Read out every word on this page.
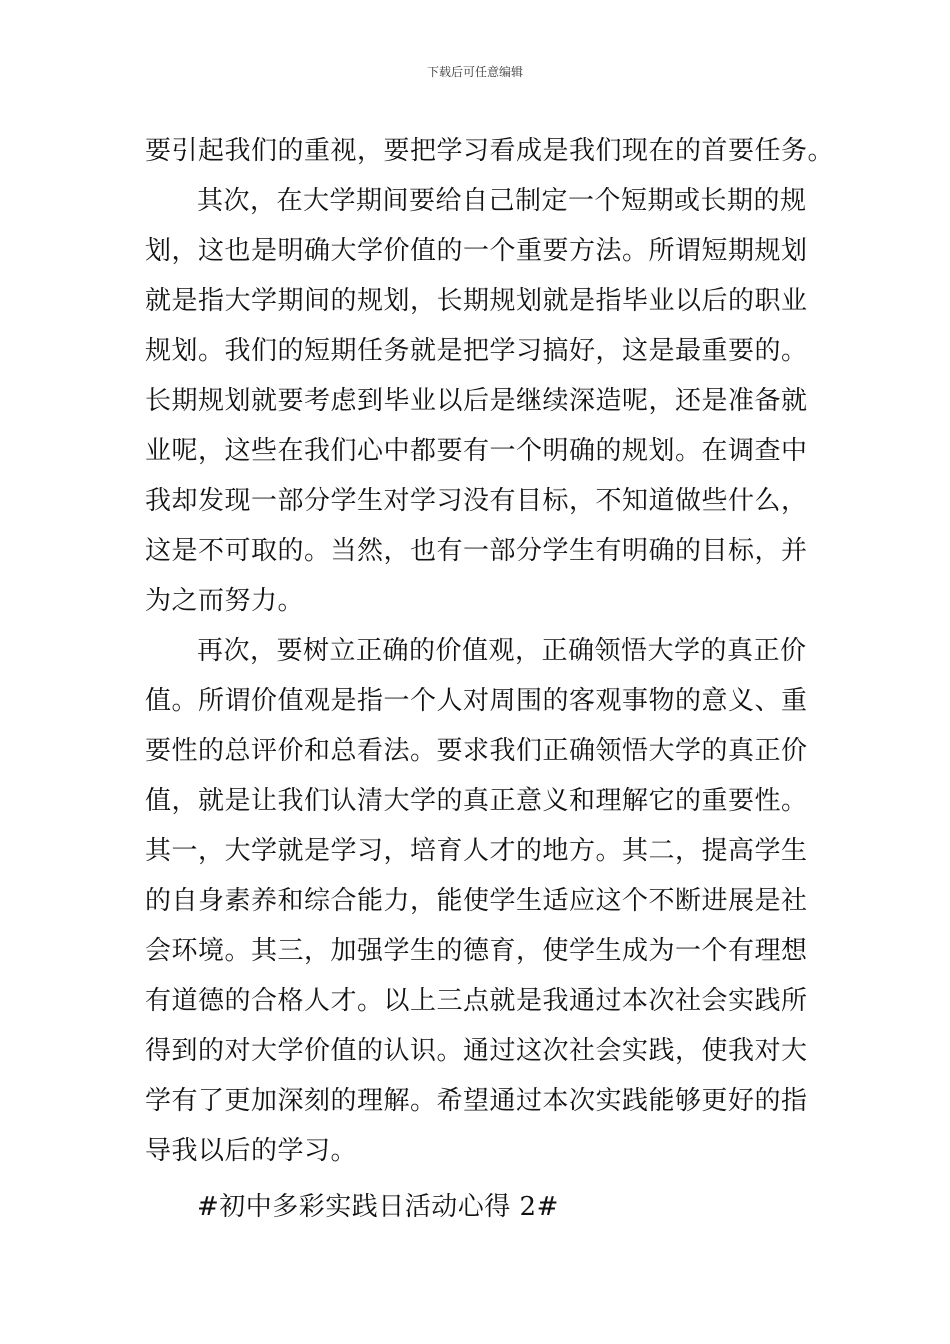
下载后可任意编辑
要引起我们的重视，要把学习看成是我们现在的首要任务。
其次，在大学期间要给自己制定一个短期或长期的规
划，这也是明确大学价值的一个重要方法。所谓短期规划
就是指大学期间的规划，长期规划就是指毕业以后的职业
规划。我们的短期任务就是把学习搞好，这是最重要的。
长期规划就要考虑到毕业以后是继续深造呢，还是准备就
业呢，这些在我们心中都要有一个明确的规划。在调查中
我却发现一部分学生对学习没有目标，不知道做些什么，
这是不可取的。当然，也有一部分学生有明确的目标，并
为之而努力。
再次，要树立正确的价值观，正确领悟大学的真正价
值。所谓价值观是指一个人对周围的客观事物的意义、重
要性的总评价和总看法。要求我们正确领悟大学的真正价
值，就是让我们认清大学的真正意义和理解它的重要性。
其一，大学就是学习，培育人才的地方。其二，提高学生
的自身素养和综合能力，能使学生适应这个不断进展是社
会环境。其三，加强学生的德育，使学生成为一个有理想
有道德的合格人才。以上三点就是我通过本次社会实践所
得到的对大学价值的认识。通过这次社会实践，使我对大
学有了更加深刻的理解。希望通过本次实践能够更好的指
导我以后的学习。
#初中多彩实践日活动心得 2#
